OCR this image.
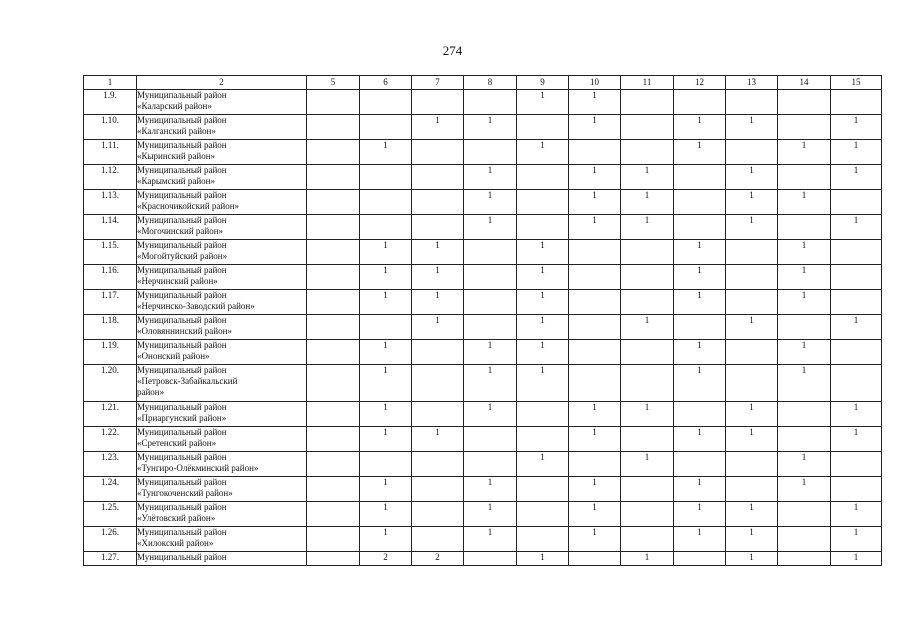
274
1	2	5	6	7	8	9	10	11	12	13	14	15
1.9.	Муниципальный район
«Каларский район»					1	1					
1.10.	Муниципальный район
«Калганский район»			1	1		1		1	1		1
1.11.	Муниципальный район
«Кыринский район»		1			1			1		1	1
1.12.	Муниципальный район
«Карымский район»				1		1	1		1		1
1.13.	Муниципальный район
«Красночикойский район»				1		1	1		1	1	
1.14.	Муниципальный район
«Могочинский район»				1		1	1		1		1
1.15.	Муниципальный район
«Могойтуйский район»		1	1		1			1		1	
1.16.	Муниципальный район
«Нерчинский район»		1	1		1			1		1	
1.17.	Муниципальный район
«Нерчинско-Заводский район»		1	1		1			1		1	
1.18.	Муниципальный район
«Оловяннинский район»			1		1		1		1		1
1.19.	Муниципальный район
«Ононский район»		1		1	1			1		1	
1.20.	Муниципальный район
«Петровск-Забайкальский
район»		1		1	1			1		1	
1.21.	Муниципальный район
«Приаргунский район»		1		1		1	1		1		1
1.22.	Муниципальный район
«Сретенский район»		1	1			1		1	1		1
1.23.	Муниципальный район
«Тунгиро-Олёкминский район»					1		1			1	
1.24.	Муниципальный район
«Тунгокоченский район»		1		1		1		1		1	
1.25.	Муниципальный район
«Улётовский район»		1		1		1		1	1		1
1.26.	Муниципальный район
«Хилокский район»		1		1		1		1	1		1
1.27.	Муниципальный район		2	2		1		1		1		1
